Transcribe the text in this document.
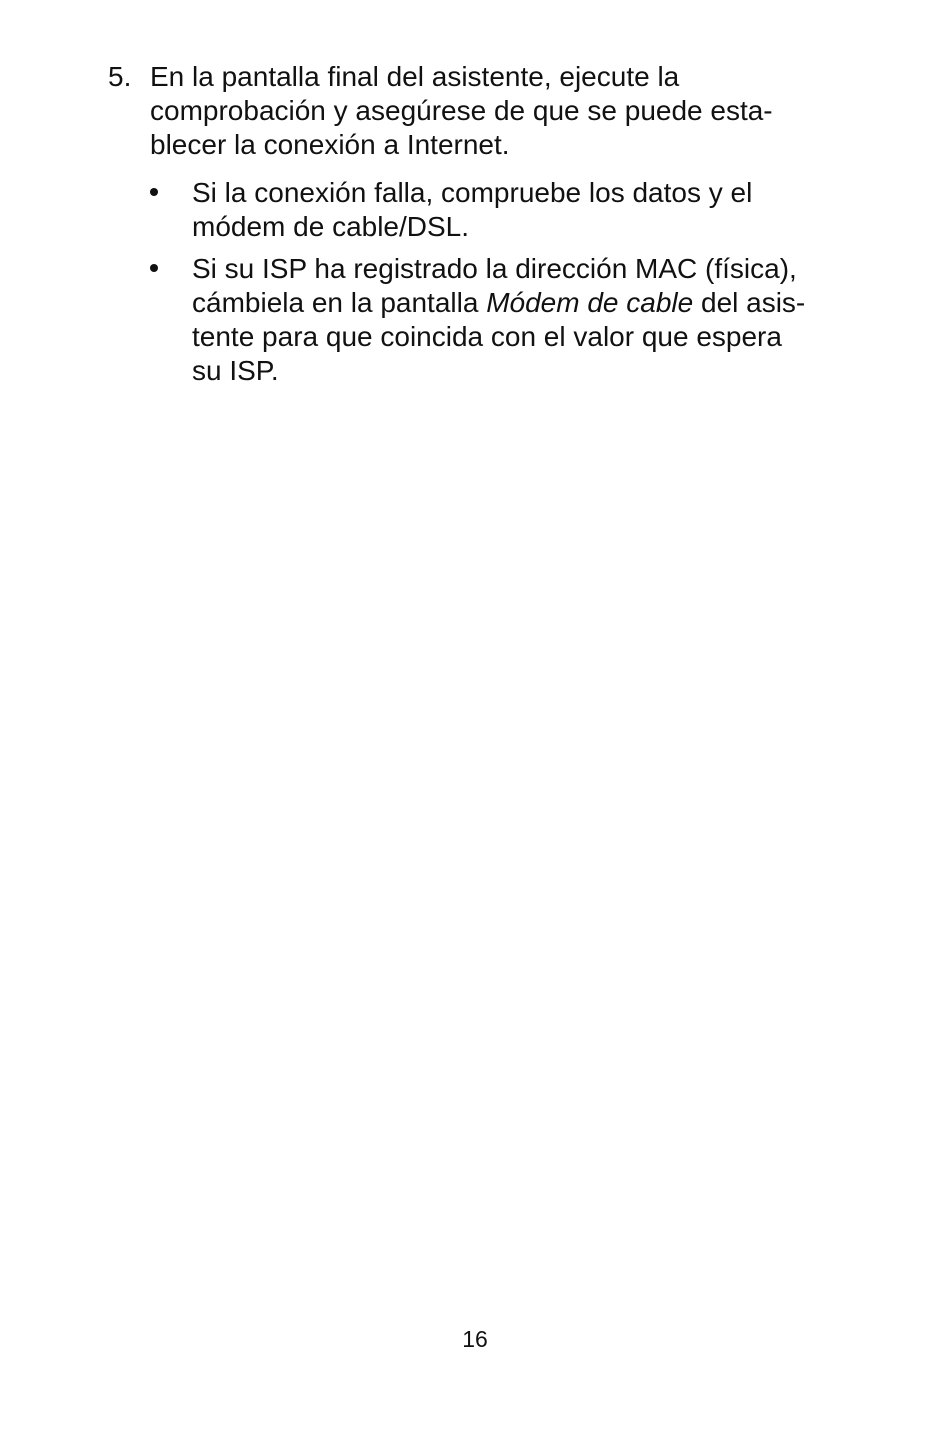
5. En la pantalla final del asistente, ejecute la
comprobación y asegúrese de que se puede esta-
blecer la conexión a Internet.
Si la conexión falla, compruebe los datos y el
módem de cable/DSL.
Si su ISP ha registrado la dirección MAC (física),
cámbiela en la pantalla Módem de cable del asis-
tente para que coincida con el valor que espera
su ISP.
16
